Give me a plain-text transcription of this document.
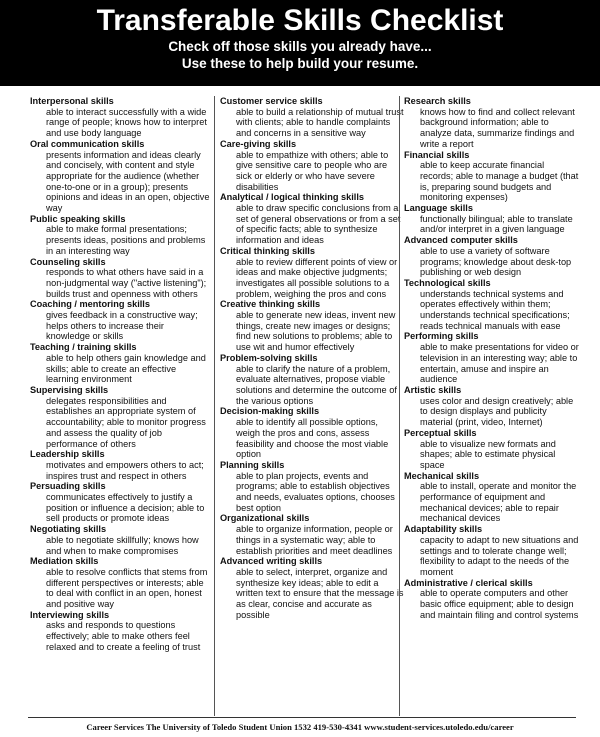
Transferable Skills Checklist
Check off those skills you already have...
Use these to help build your resume.
Interpersonal skills
able to interact successfully with a wide range of people; knows how to interpret and use body language
Oral communication skills
presents information and ideas clearly and concisely, with content and style appropriate for the audience (whether one-to-one or in a group); presents opinions and ideas in an open, objective way
Public speaking skills
able to make formal presentations; presents ideas, positions and problems in an interesting way
Counseling skills
responds to what others have said in a non-judgmental way ("active listening"); builds trust and openness with others
Coaching / mentoring skills
gives feedback in a constructive way; helps others to increase their knowledge or skills
Teaching / training skills
able to help others gain knowledge and skills; able to create an effective learning environment
Supervising skills
delegates responsibilities and establishes an appropriate system of accountability; able to monitor progress and assess the quality of job performance of others
Leadership skills
motivates and empowers others to act; inspires trust and respect in others
Persuading skills
communicates effectively to justify a position or influence a decision; able to sell products or promote ideas
Negotiating skills
able to negotiate skillfully; knows how and when to make compromises
Mediation skills
able to resolve conflicts that stems from different perspectives or interests; able to deal with conflict in an open, honest and positive way
Interviewing skills
asks and responds to questions effectively; able to make others feel relaxed and to create a feeling of trust
Customer service skills
able to build a relationship of mutual trust with clients; able to handle complaints and concerns in a sensitive way
Care-giving skills
able to empathize with others; able to give sensitive care to people who are sick or elderly or who have severe disabilities
Analytical / logical thinking skills
able to draw specific conclusions from a set of general observations or from a set of specific facts; able to synthesize information and ideas
Critical thinking skills
able to review different points of view or ideas and make objective judgments; investigates all possible solutions to a problem, weighing the pros and cons
Creative thinking skills
able to generate new ideas, invent new things, create new images or designs; find new solutions to problems; able to use wit and humor effectively
Problem-solving skills
able to clarify the nature of a problem, evaluate alternatives, propose viable solutions and determine the outcome of the various options
Decision-making skills
able to identify all possible options, weigh the pros and cons, assess feasibility and choose the most viable option
Planning skills
able to plan projects, events and programs; able to establish objectives and needs, evaluates options, chooses best option
Organizational skills
able to organize information, people or things in a systematic way; able to establish priorities and meet deadlines
Advanced writing skills
able to select, interpret, organize and synthesize key ideas; able to edit a written text to ensure that the message is as clear, concise and accurate as possible
Research skills
knows how to find and collect relevant background information; able to analyze data, summarize findings and write a report
Financial skills
able to keep accurate financial records; able to manage a budget (that is, preparing sound budgets and monitoring expenses)
Language skills
functionally bilingual; able to translate and/or interpret in a given language
Advanced computer skills
able to use a variety of software programs; knowledge about desk-top publishing or web design
Technological skills
understands technical systems and operates effectively within them; understands technical specifications; reads technical manuals with ease
Performing skills
able to make presentations for video or television in an interesting way; able to entertain, amuse and inspire an audience
Artistic skills
uses color and design creatively; able to design displays and publicity material (print, video, Internet)
Perceptual skills
able to visualize new formats and shapes; able to estimate physical space
Mechanical skills
able to install, operate and monitor the performance of equipment and mechanical devices; able to repair mechanical devices
Adaptability skills
capacity to adapt to new situations and settings and to tolerate change well; flexibility to adapt to the needs of the moment
Administrative / clerical skills
able to operate computers and other basic office equipment; able to design and maintain filing and control systems
Career Services The University of Toledo Student Union 1532 419-530-4341 www.student-services.utoledo.edu/career
